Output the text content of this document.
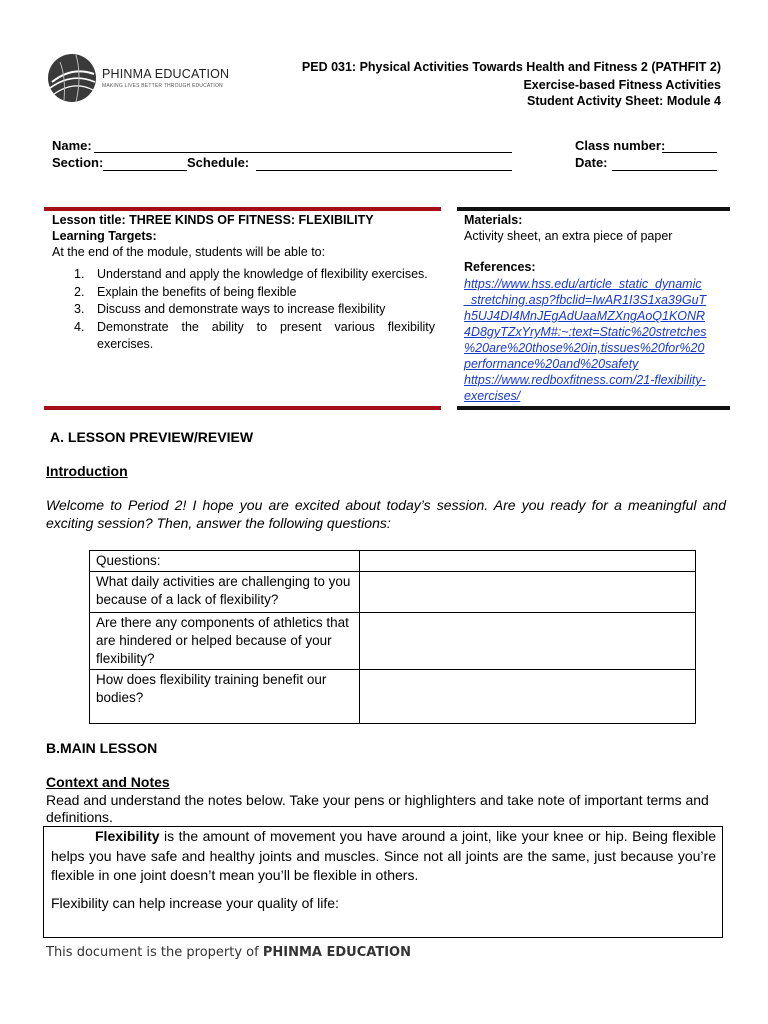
PHINMA EDUCATION
MAKING LIVES BETTER THROUGH EDUCATION
PED 031: Physical Activities Towards Health and Fitness 2 (PATHFIT 2)
Exercise-based Fitness Activities
Student Activity Sheet: Module 4
Name:
Section:	Schedule:
Class number:
Date:
Lesson title: THREE KINDS OF FITNESS: FLEXIBILITY
Learning Targets:
At the end of the module, students will be able to:
1. Understand and apply the knowledge of flexibility exercises.
2. Explain the benefits of being flexible
3. Discuss and demonstrate ways to increase flexibility
4. Demonstrate the ability to present various flexibility exercises.
Materials:
Activity sheet, an extra piece of paper
References:
https://www.hss.edu/article_static_dynamic
_stretching.asp?fbclid=IwAR1I3S1xa39GuT
h5UJ4DI4MnJEgAdUaaMZXngAoQ1KONR
4D8gyTZxYryM#:~:text=Static%20stretches
%20are%20those%20in,tissues%20for%20
performance%20and%20safety
https://www.redboxfitness.com/21-flexibility-
exercises/
A. LESSON PREVIEW/REVIEW
Introduction
Welcome to Period 2! I hope you are excited about today’s session. Are you ready for a meaningful and exciting session? Then, answer the following questions:
Questions:	
What daily activities are challenging to you because of a lack of flexibility?	
Are there any components of athletics that are hindered or helped because of your flexibility?	
How does flexibility training benefit our bodies?	
B.MAIN LESSON
Context and Notes
Read and understand the notes below. Take your pens or highlighters and take note of important terms and definitions.
Flexibility is the amount of movement you have around a joint, like your knee or hip. Being flexible helps you have safe and healthy joints and muscles. Since not all joints are the same, just because you’re flexible in one joint doesn’t mean you’ll be flexible in others.
Flexibility can help increase your quality of life:
This document is the property of PHINMA EDUCATION
